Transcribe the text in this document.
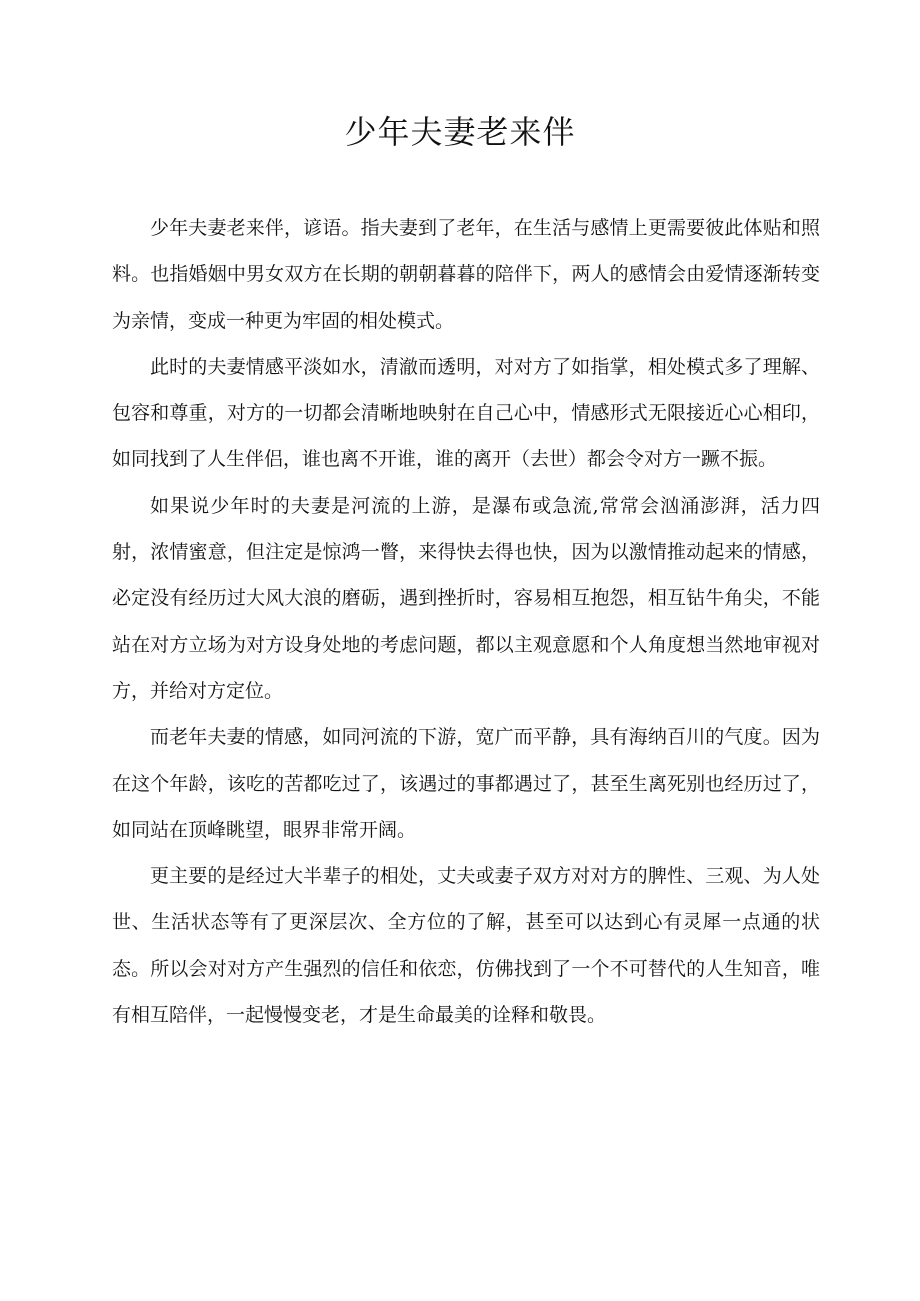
少年夫妻老来伴

少年夫妻老来伴，谚语。指夫妻到了老年，在生活与感情上更需要彼此体贴和照料。也指婚姻中男女双方在长期的朝朝暮暮的陪伴下，两人的感情会由爱情逐渐转变为亲情，变成一种更为牢固的相处模式。

此时的夫妻情感平淡如水，清澈而透明，对对方了如指掌，相处模式多了理解、包容和尊重，对方的一切都会清晰地映射在自己心中，情感形式无限接近心心相印，如同找到了人生伴侣，谁也离不开谁，谁的离开（去世）都会令对方一蹶不振。

如果说少年时的夫妻是河流的上游，是瀑布或急流,常常会汹涌澎湃，活力四射，浓情蜜意，但注定是惊鸿一瞥，来得快去得也快，因为以激情推动起来的情感，必定没有经历过大风大浪的磨砺，遇到挫折时，容易相互抱怨，相互钻牛角尖，不能站在对方立场为对方设身处地的考虑问题，都以主观意愿和个人角度想当然地审视对方，并给对方定位。

而老年夫妻的情感，如同河流的下游，宽广而平静，具有海纳百川的气度。因为在这个年龄，该吃的苦都吃过了，该遇过的事都遇过了，甚至生离死别也经历过了，如同站在顶峰眺望，眼界非常开阔。

更主要的是经过大半辈子的相处，丈夫或妻子双方对对方的脾性、三观、为人处世、生活状态等有了更深层次、全方位的了解，甚至可以达到心有灵犀一点通的状态。所以会对对方产生强烈的信任和依恋，仿佛找到了一个不可替代的人生知音，唯有相互陪伴，一起慢慢变老，才是生命最美的诠释和敬畏。
